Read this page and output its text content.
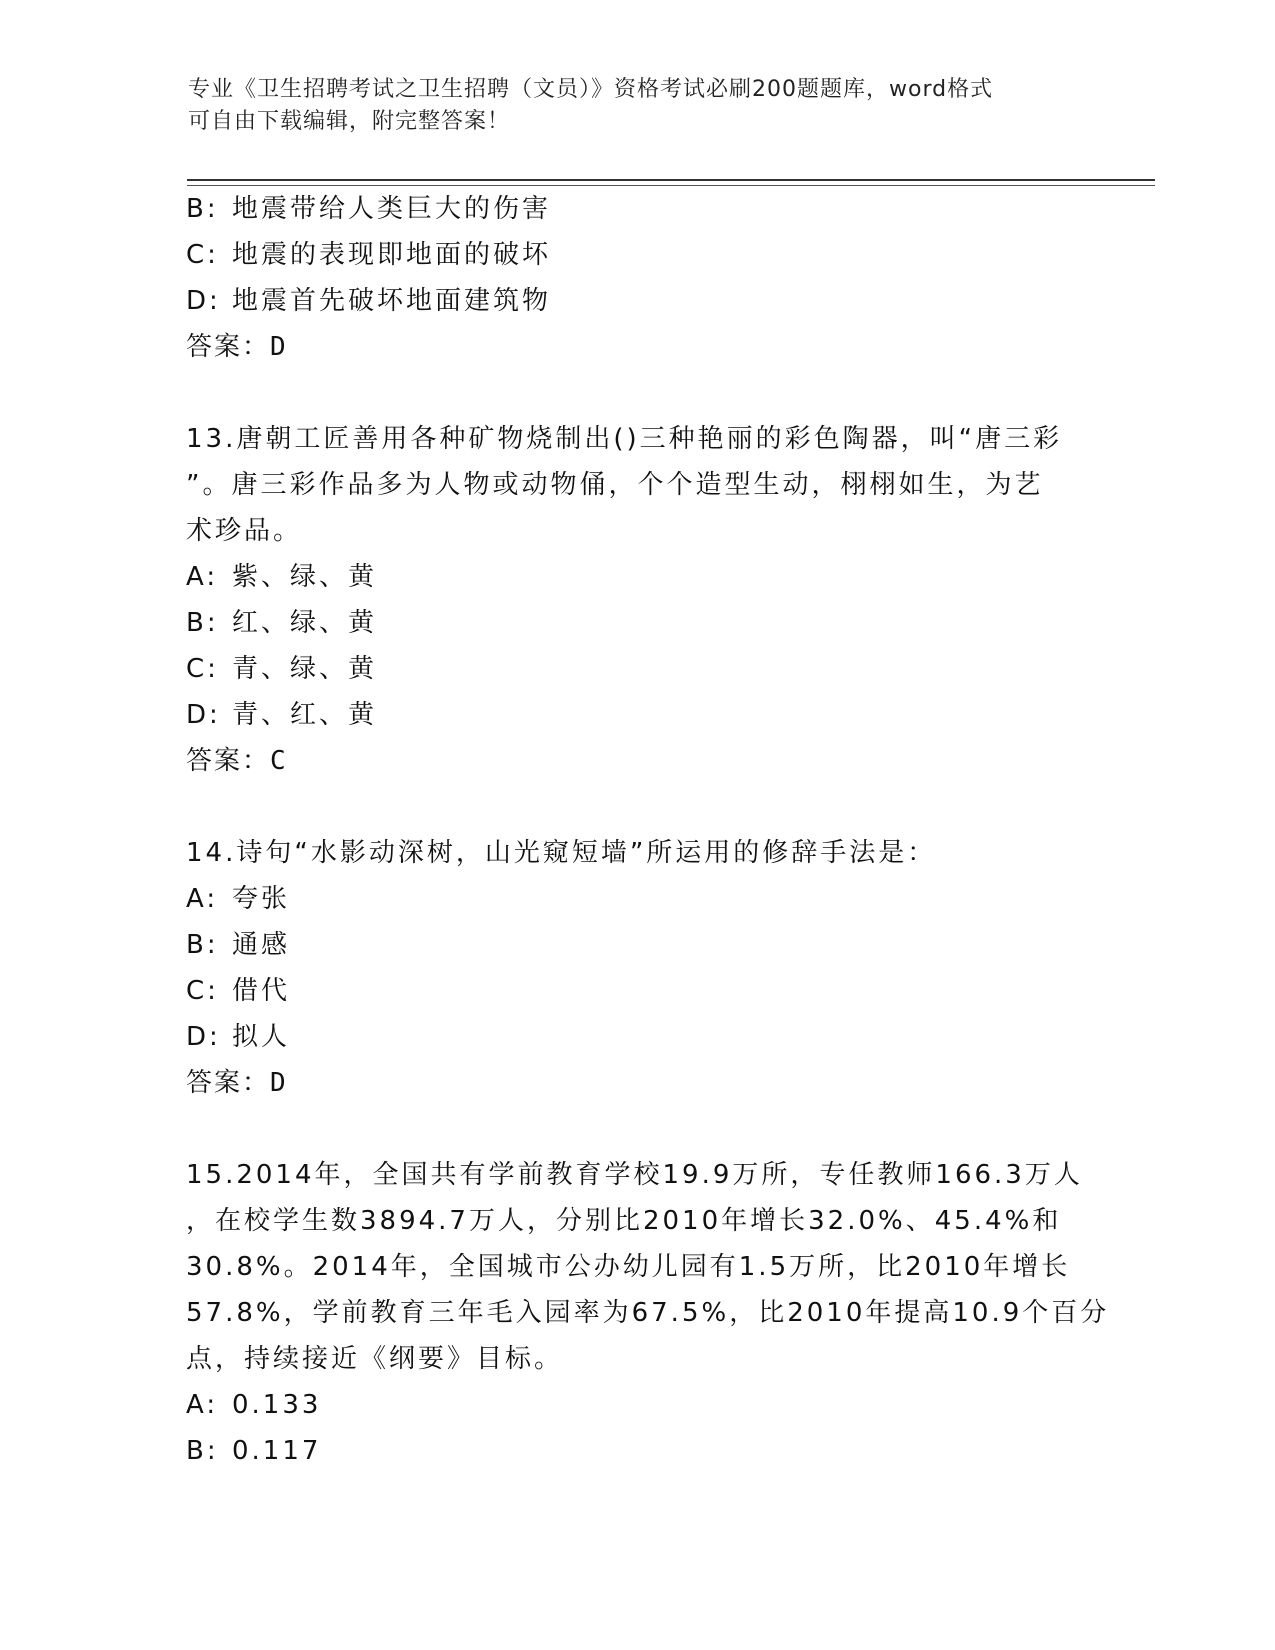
专业《卫生招聘考试之卫生招聘（文员）》资格考试必刷200题题库，word格式
可自由下载编辑，附完整答案！
B: 地震带给人类巨大的伤害
C: 地震的表现即地面的破坏
D: 地震首先破坏地面建筑物
答案：D
13.唐朝工匠善用各种矿物烧制出()三种艳丽的彩色陶器，叫“唐三彩
”。唐三彩作品多为人物或动物俑，个个造型生动，栩栩如生，为艺
术珍品。
A: 紫、绿、黄
B: 红、绿、黄
C: 青、绿、黄
D: 青、红、黄
答案：C
14.诗句“水影动深树，山光窥短墙”所运用的修辞手法是：
A: 夸张
B: 通感
C: 借代
D: 拟人
答案：D
15.2014年，全国共有学前教育学校19.9万所，专任教师166.3万人
，在校学生数3894.7万人，分别比2010年增长32.0%、45.4%和
30.8%。2014年，全国城市公办幼儿园有1.5万所，比2010年增长
57.8%，学前教育三年毛入园率为67.5%，比2010年提高10.9个百分
点，持续接近《纲要》目标。
A: 0.133
B: 0.117
